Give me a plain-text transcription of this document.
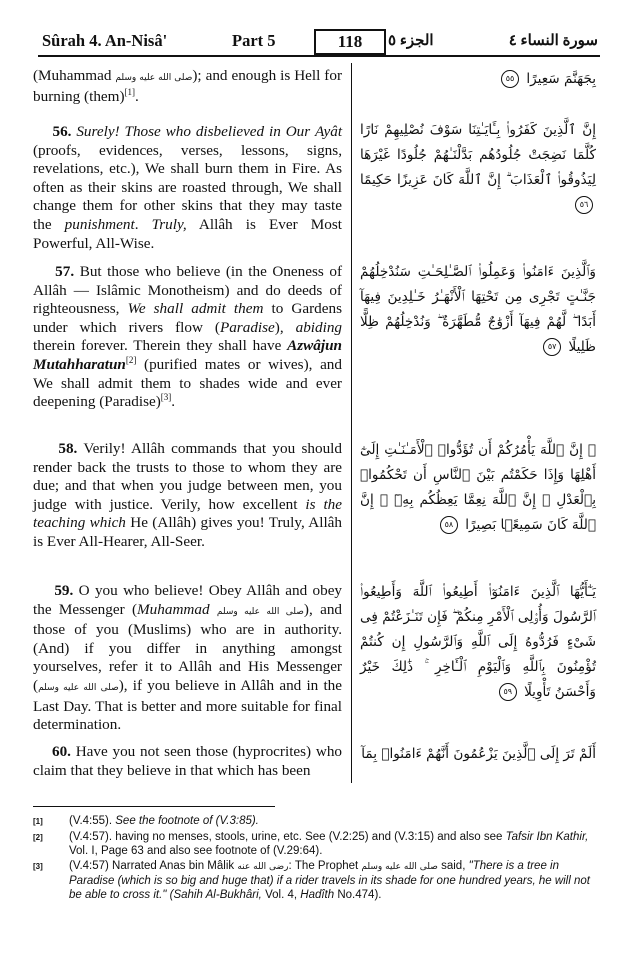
Sûrah 4. An-Nisâ'	Part 5	118	الجزء ٥	سورة النساء ٤
(Muhammad صلى الله عليه وسلم); and enough is Hell for burning (them)[1].
56. Surely! Those who disbelieved in Our Ayât (proofs, evidences, verses, lessons, signs, revelations, etc.), We shall burn them in Fire. As often as their skins are roasted through, We shall change them for other skins that they may taste the punishment. Truly, Allâh is Ever Most Powerful, All-Wise.
57. But those who believe (in the Oneness of Allâh — Islâmic Monotheism) and do deeds of righteousness, We shall admit them to Gardens under which rivers flow (Paradise), abiding therein forever. Therein they shall have Azwâjun Mutahharatun[2] (purified mates or wives), and We shall admit them to shades wide and ever deepening (Paradise)[3].
58. Verily! Allâh commands that you should render back the trusts to those to whom they are due; and that when you judge between men, you judge with justice. Verily, how excellent is the teaching which He (Allâh) gives you! Truly, Allâh is Ever All-Hearer, All-Seer.
59. O you who believe! Obey Allâh and obey the Messenger (Muhammad صلى الله عليه وسلم), and those of you (Muslims) who are in authority. (And) if you differ in anything amongst yourselves, refer it to Allâh and His Messenger (صلى الله عليه وسلم), if you believe in Allâh and in the Last Day. That is better and more suitable for final determination.
60. Have you not seen those (hyprocrites) who claim that they believe in that which has been
بِجَهَنَّمَ سَعِيرًا ٥٥
إِنَّ ٱلَّذِينَ كَفَرُوا۟ بِـَٔايَـٰتِنَا سَوْفَ نُصْلِيهِمْ نَارًا كُلَّمَا نَضِجَتْ جُلُودُهُم بَدَّلْنَـٰهُمْ جُلُودًا غَيْرَهَا لِيَذُوقُوا۟ ٱلْعَذَابَ ۗ إِنَّ ٱللَّهَ كَانَ عَزِيزًا حَكِيمًا ٥٦
وَٱلَّذِينَ ءَامَنُوا۟ وَعَمِلُوا۟ ٱلصَّـٰلِحَـٰتِ سَنُدْخِلُهُمْ جَنَّـٰتٍ تَجْرِى مِن تَحْتِهَا ٱلْأَنْهَـٰرُ خَـٰلِدِينَ فِيهَآ أَبَدًا ۖ لَّهُمْ فِيهَآ أَزْوَٰجٌ مُّطَهَّرَةٌ ۖ وَنُدْخِلُهُمْ ظِلًّا ظَلِيلًا ٥٧
۞ إِنَّ ٱللَّهَ يَأْمُرُكُمْ أَن تُؤَدُّوا۟ ٱلْأَمَـٰنَـٰتِ إِلَىٰٓ أَهْلِهَا وَإِذَا حَكَمْتُم بَيْنَ ٱلنَّاسِ أَن تَحْكُمُوا۟ بِٱلْعَدْلِ ۚ إِنَّ ٱللَّهَ نِعِمَّا يَعِظُكُم بِهِۦٓ ۗ إِنَّ ٱللَّهَ كَانَ سَمِيعًۢا بَصِيرًا ٥٨
يَـٰٓأَيُّهَا ٱلَّذِينَ ءَامَنُوٓا۟ أَطِيعُوا۟ ٱللَّهَ وَأَطِيعُوا۟ ٱلرَّسُولَ وَأُو۟لِى ٱلْأَمْرِ مِنكُمْ ۖ فَإِن تَنَـٰزَعْتُمْ فِى شَىْءٍ فَرُدُّوهُ إِلَى ٱللَّهِ وَٱلرَّسُولِ إِن كُنتُمْ تُؤْمِنُونَ بِٱللَّهِ وَٱلْيَوْمِ ٱلْـَٔاخِرِ ۚ ذَٰلِكَ خَيْرٌ وَأَحْسَنُ تَأْوِيلًا ٥٩
أَلَمْ تَرَ إِلَى ٱلَّذِينَ يَزْعُمُونَ أَنَّهُمْ ءَامَنُوا۟ بِمَآ
[1] (V.4:55). See the footnote of (V.3:85).
[2] (V.4:57). having no menses, stools, urine, etc. See (V.2:25) and (V.3:15) and also see Tafsir Ibn Kathir, Vol. I, Page 63 and also see footnote of (V.29:64).
[3] (V.4:57) Narrated Anas bin Mâlik رضى الله عنه: The Prophet صلى الله عليه وسلم said, "There is a tree in Paradise (which is so big and huge that) if a rider travels in its shade for one hundred years, he will not be able to cross it." (Sahih Al-Bukhâri, Vol. 4, Hadîth No.474).
